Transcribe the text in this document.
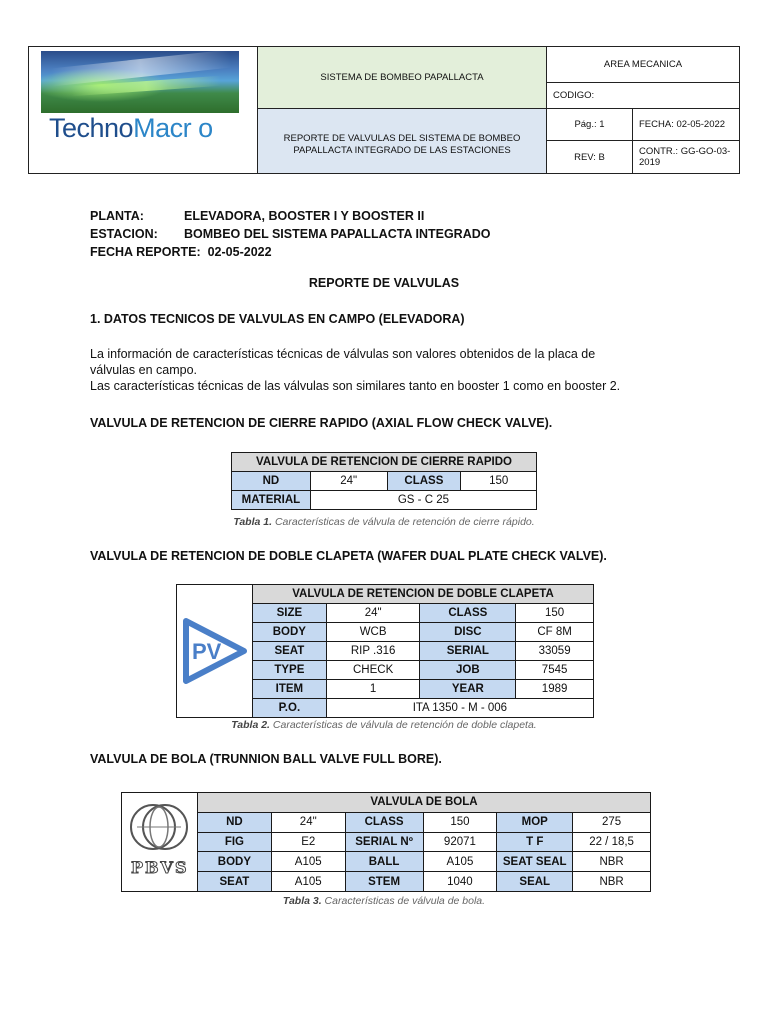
TechnoMacr o
SISTEMA DE BOMBEO PAPALLACTA
REPORTE DE VALVULAS DEL SISTEMA DE BOMBEO PAPALLACTA INTEGRADO DE LAS ESTACIONES
AREA MECANICA
CODIGO:
Pág.: 1	FECHA: 02-05-2022
REV: B	CONTR.: GG-GO-03-2019
PLANTA:	ELEVADORA, BOOSTER I Y BOOSTER II
ESTACION:	BOMBEO DEL SISTEMA PAPALLACTA INTEGRADO
FECHA REPORTE:
02-05-2022
REPORTE DE VALVULAS
1. DATOS TECNICOS DE VALVULAS EN CAMPO (ELEVADORA)
La información de características técnicas de válvulas son valores obtenidos de la placa de
válvulas en campo.
Las características técnicas de las válvulas son similares tanto en booster 1 como en booster 2.
VALVULA DE RETENCION DE CIERRE RAPIDO (AXIAL FLOW CHECK VALVE).
VALVULA DE RETENCION DE CIERRE RAPIDO			
ND	24"	CLASS	150
MATERIAL	GS - C 25		
Tabla 1. Características de válvula de retención de cierre rápido.
VALVULA DE RETENCION DE DOBLE CLAPETA (WAFER DUAL PLATE CHECK VALVE).
PV	VALVULA DE RETENCION DE DOBLE CLAPETA			
	SIZE	24"	CLASS	150
	BODY	WCB	DISC	CF 8M
	SEAT	RIP .316	SERIAL	33059
	TYPE	CHECK	JOB	7545
	ITEM	1	YEAR	1989
	P.O.	ITA 1350 - M - 006		
Tabla 2. Características de válvula de retención de doble clapeta.
VALVULA DE BOLA (TRUNNION BALL VALVE FULL BORE).
PBVS	VALVULA DE BOLA					
	ND	24"	CLASS	150	MOP	275
	FIG	E2	SERIAL Nº	92071	T F	22 / 18,5
	BODY	A105	BALL	A105	SEAT SEAL	NBR
	SEAT	A105	STEM	1040	SEAL	NBR
Tabla 3. Características de válvula de bola.
